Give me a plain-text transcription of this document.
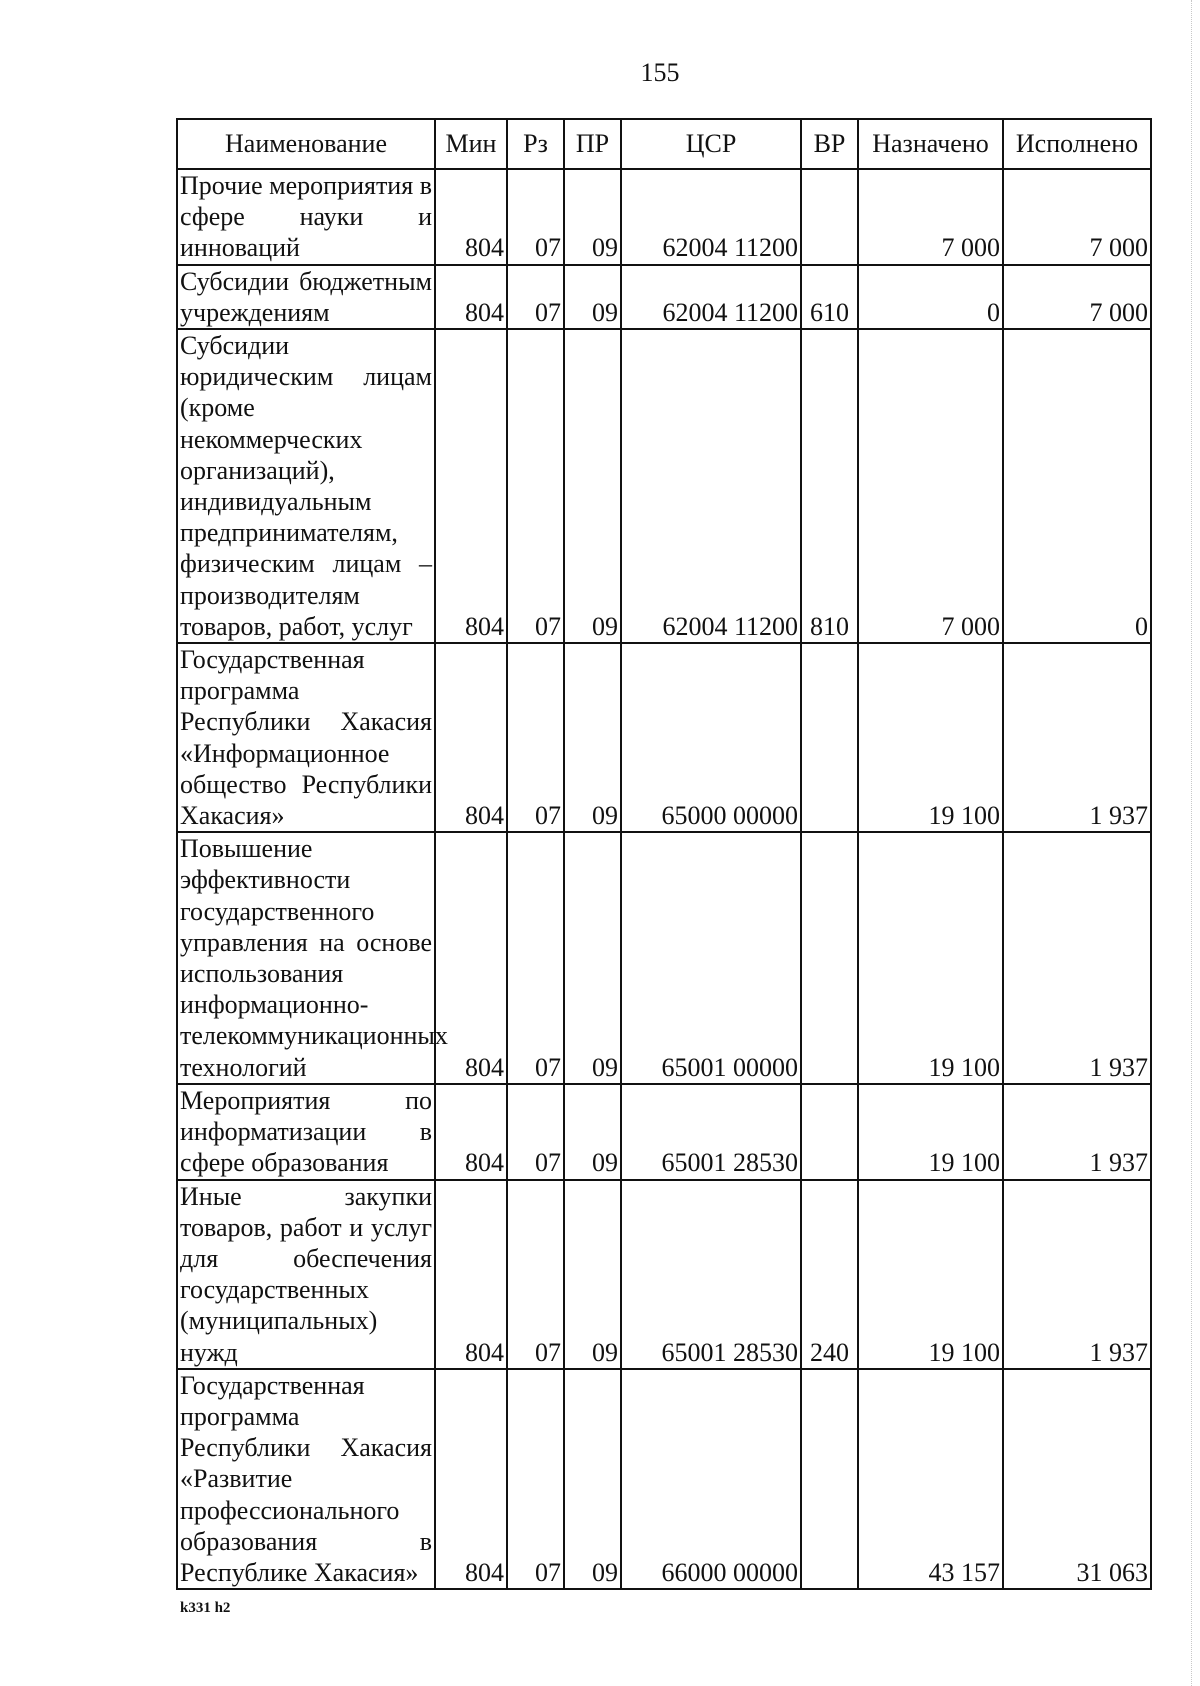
155
Наименование	Мин	Рз	ПР	ЦСР	ВР	Назначено	Исполнено
Прочие мероприятия в сфере науки и инноваций	804	07	09	62004 11200		7 000	7 000
Субсидии бюджетным учреждениям	804	07	09	62004 11200	610	0	7 000
Субсидии юридическим лицам (кроме некоммерческих организаций), индивидуальным предпринимателям, физическим лицам – производителям товаров, работ, услуг	804	07	09	62004 11200	810	7 000	0
Государственная программа Республики Хакасия «Информационное общество Республики Хакасия»	804	07	09	65000 00000		19 100	1 937
Повышение эффективности государственного управления на основе использования информационно-телекоммуникационных технологий	804	07	09	65001 00000		19 100	1 937
Мероприятия по информатизации в сфере образования	804	07	09	65001 28530		19 100	1 937
Иные закупки товаров, работ и услуг для обеспечения государственных (муниципальных) нужд	804	07	09	65001 28530	240	19 100	1 937
Государственная программа Республики Хакасия «Развитие профессионального образования в Республике Хакасия»	804	07	09	66000 00000		43 157	31 063
k331 h2
